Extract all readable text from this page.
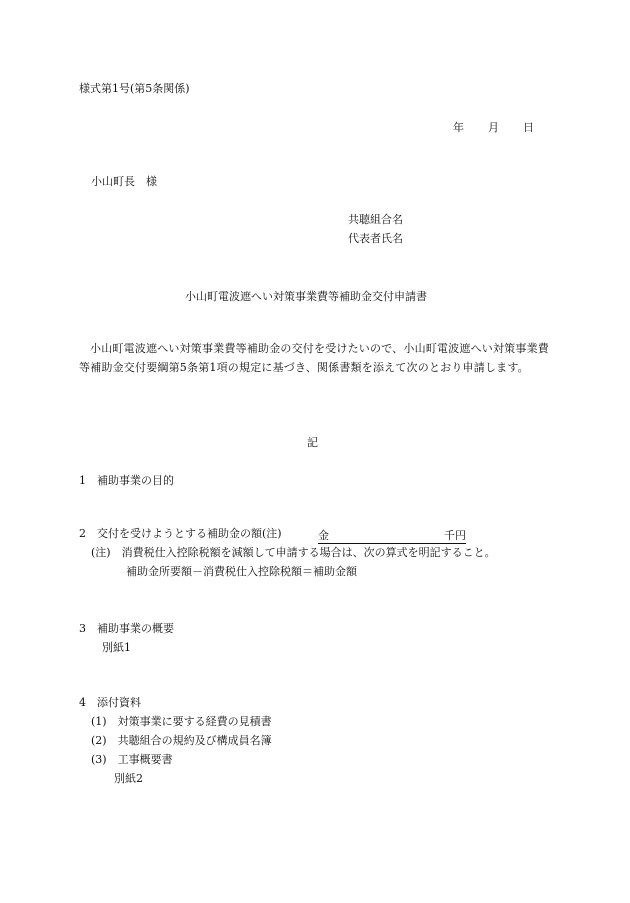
様式第1号(第5条関係)
年 月 日
小山町長　様
共聴組合名
代表者氏名
小山町電波遮へい対策事業費等補助金交付申請書
小山町電波遮へい対策事業費等補助金の交付を受けたいので、小山町電波遮へい対策事業費等補助金交付要綱第5条第1項の規定に基づき、関係書類を添えて次のとおり申請します。
記
1　補助事業の目的
2　交付を受けようとする補助金の額(注)	金	千円
(注)　消費税仕入控除税額を減額して申請する場合は、次の算式を明記すること。
補助金所要額－消費税仕入控除税額＝補助金額
3　補助事業の概要
別紙1
4　添付資料
(1)　対策事業に要する経費の見積書
(2)　共聴組合の規約及び構成員名簿
(3)　工事概要書
別紙2
